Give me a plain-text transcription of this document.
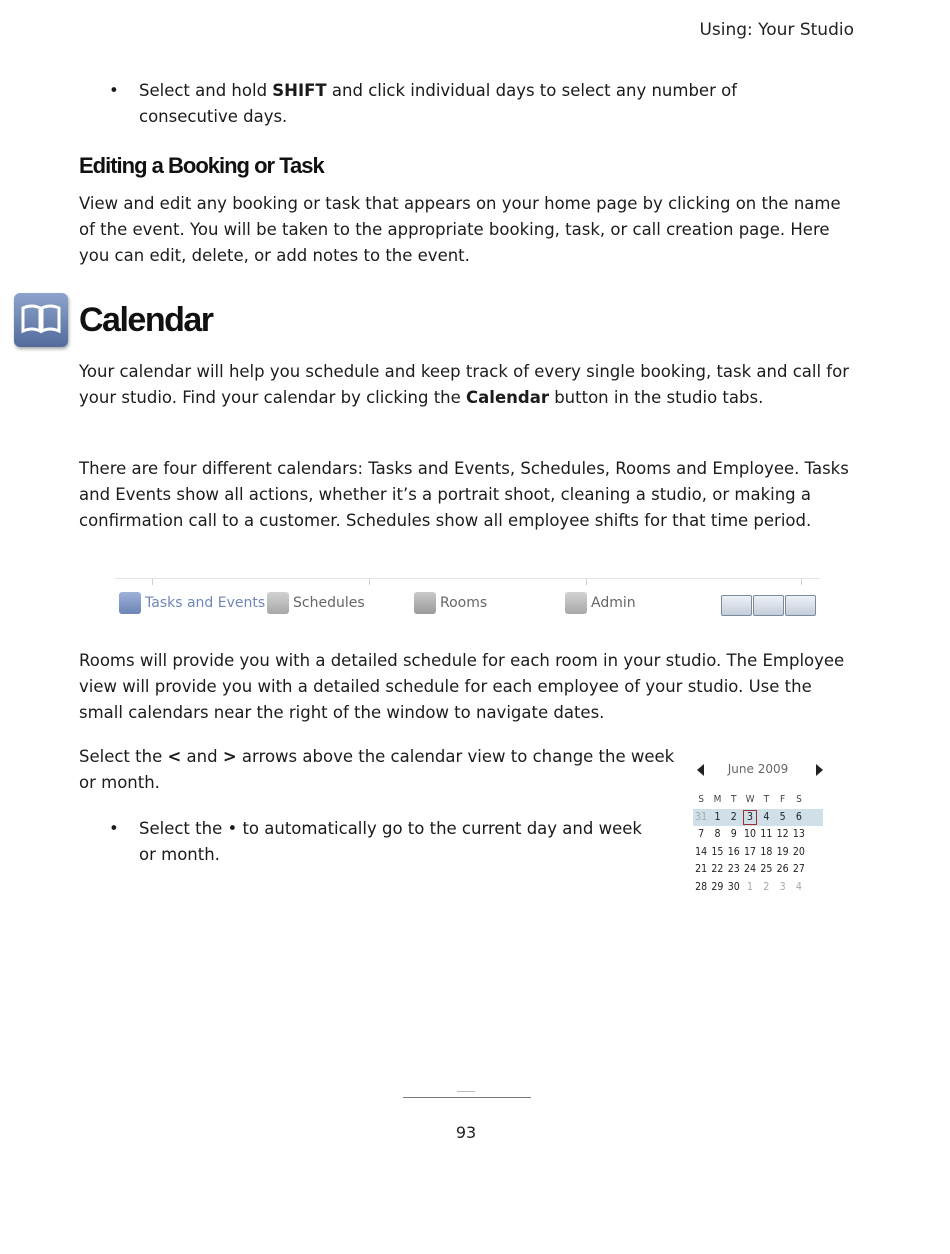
Using: Your Studio
• Select and hold SHIFT and click individual days to select any number of consecutive days.
Editing a Booking or Task
View and edit any booking or task that appears on your home page by clicking on the name of the event. You will be taken to the appropriate booking, task, or call creation page. Here you can edit, delete, or add notes to the event.
Calendar
Your calendar will help you schedule and keep track of every single booking, task and call for your studio. Find your calendar by clicking the Calendar button in the studio tabs.
There are four different calendars: Tasks and Events, Schedules, Rooms and Employee. Tasks and Events show all actions, whether it’s a portrait shoot, cleaning a studio, or making a confirmation call to a customer. Schedules show all employee shifts for that time period.
Tasks and Events Schedules	Rooms	Admin
Rooms will provide you with a detailed schedule for each room in your studio. The Employee view will provide you with a detailed schedule for each employee of your studio. Use the small calendars near the right of the window to navigate dates.
Select the < and > arrows above the calendar view to change the week or month.
• Select the • to automatically go to the current day and week or month.
June 2009
S M T W T	F	S
31 1 2 3 4 5 6
7 8 9 10 11 12 13
14 15 16 17 18 19 20
21 22 23 24 25 26 27
28 29 30 1 2 3 4
93
